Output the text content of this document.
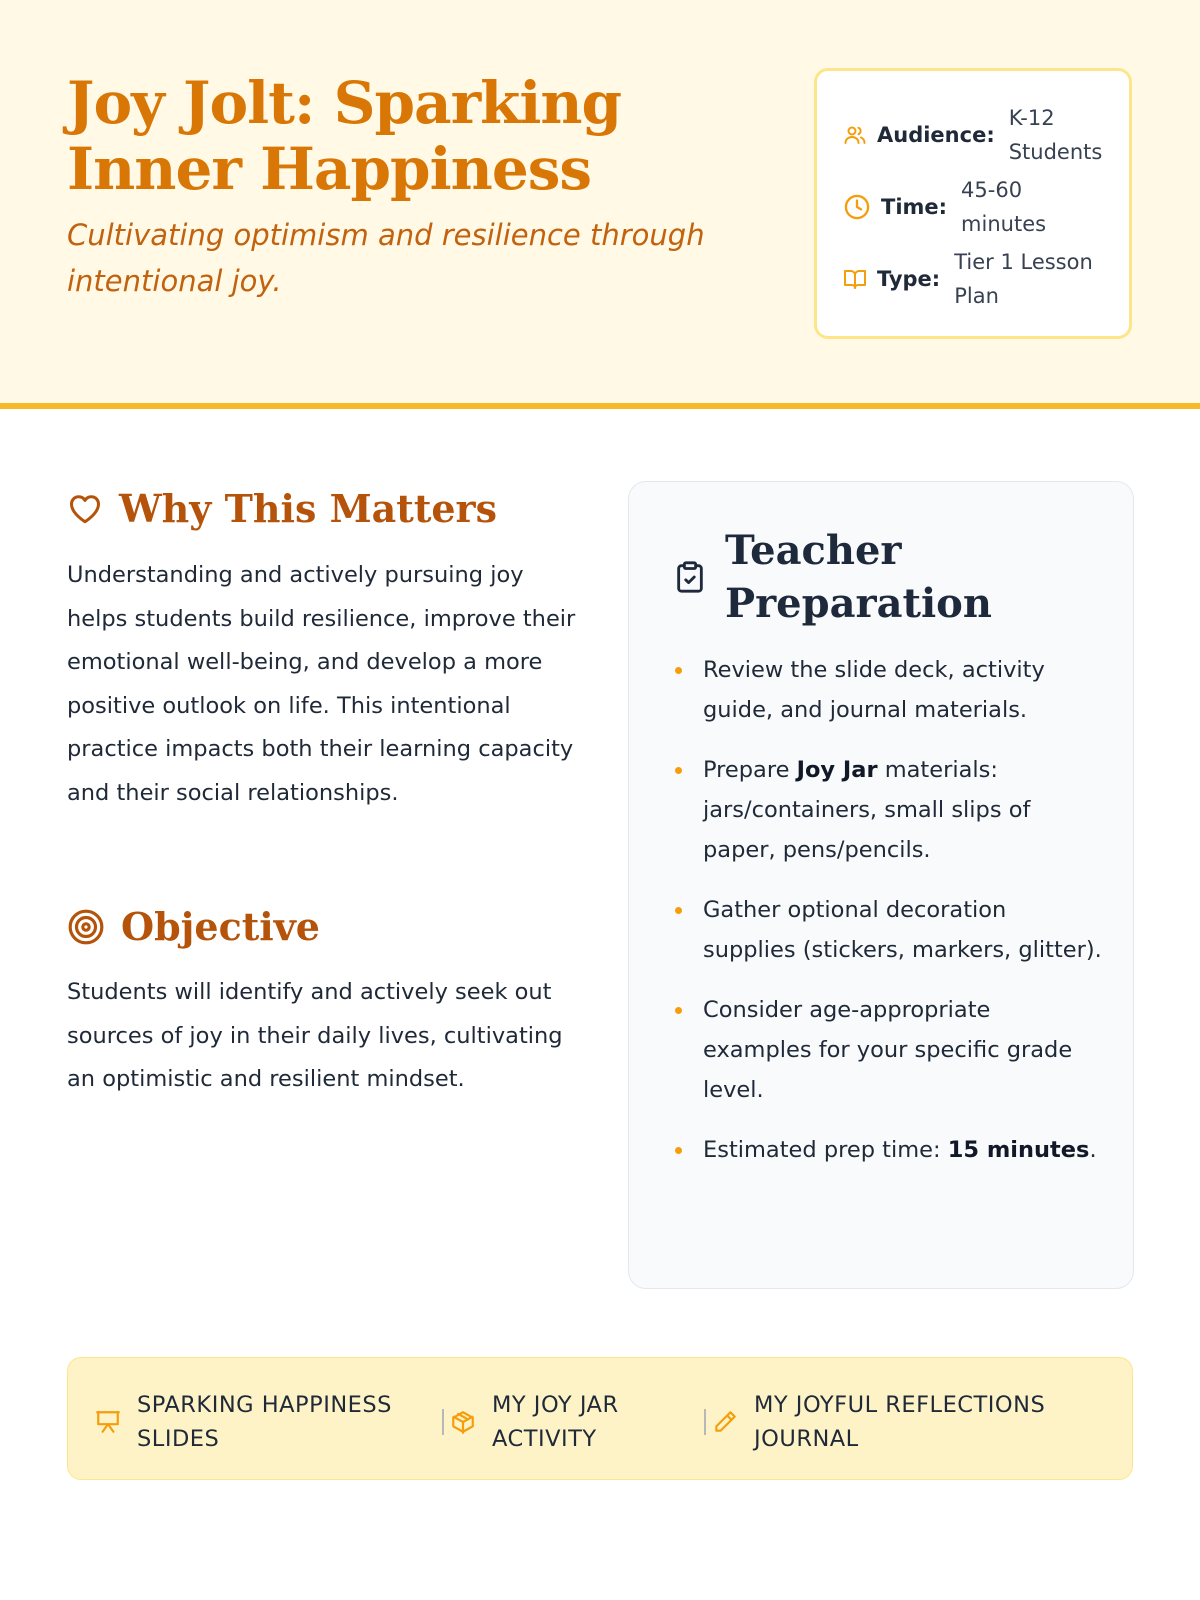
Joy Jolt: Sparking Inner Happiness

Cultivating optimism and resilience through intentional joy.

Audience:
K-12 Students
Time:
45-60 minutes
Type:
Tier 1 Lesson Plan
Why This Matters

Understanding and actively pursuing joy helps students build resilience, improve their emotional well-being, and develop a more positive outlook on life. This intentional practice impacts both their learning capacity and their social relationships.

Objective

Students will identify and actively seek out sources of joy in their daily lives, cultivating an optimistic and resilient mindset.

Teacher Preparation
Review the slide deck, activity guide, and journal materials.
Prepare Joy Jar materials: jars/containers, small slips of paper, pens/pencils.
Gather optional decoration supplies (stickers, markers, glitter).
Consider age-appropriate examples for your specific grade level.
Estimated prep time: 15 minutes.
SPARKING HAPPINESS SLIDES
MY JOY JAR ACTIVITY
MY JOYFUL REFLECTIONS JOURNAL
